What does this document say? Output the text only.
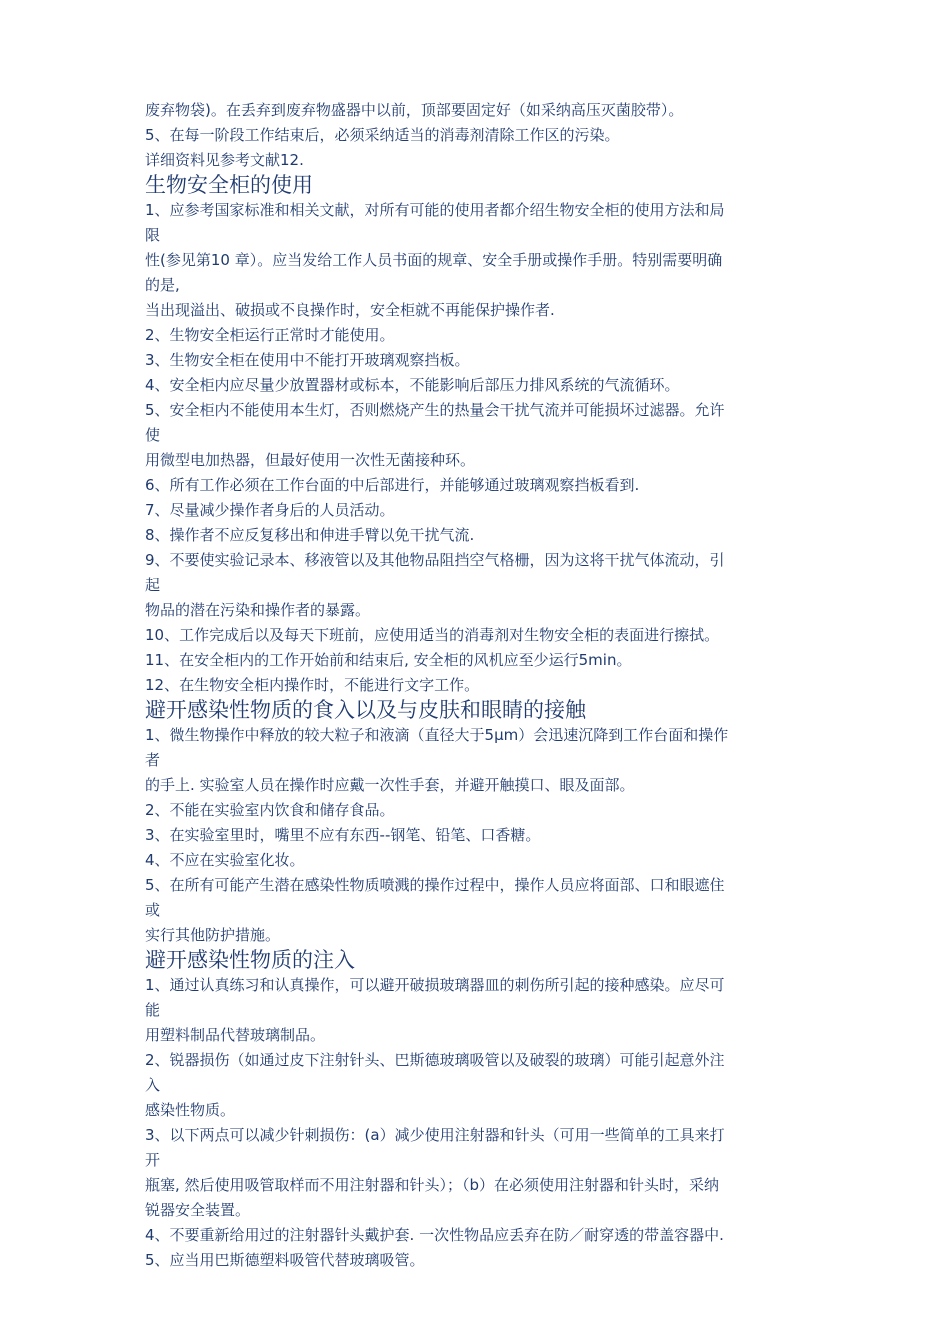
废弃物袋)。在丢弃到废弃物盛器中以前，顶部要固定好（如采纳高压灭菌胶带）。
5、在每一阶段工作结束后，必须采纳适当的消毒剂清除工作区的污染。
详细资料见参考文献12.
生物安全柜的使用
1、应参考国家标准和相关文献，对所有可能的使用者都介绍生物安全柜的使用方法和局
限
性(参见第10 章）。应当发给工作人员书面的规章、安全手册或操作手册。特别需要明确
的是,
当出现溢出、破损或不良操作时，安全柜就不再能保护操作者.
2、生物安全柜运行正常时才能使用。
3、生物安全柜在使用中不能打开玻璃观察挡板。
4、安全柜内应尽量少放置器材或标本，不能影响后部压力排风系统的气流循环。
5、安全柜内不能使用本生灯，否则燃烧产生的热量会干扰气流并可能损坏过滤器。允许
使
用微型电加热器，但最好使用一次性无菌接种环。
6、所有工作必须在工作台面的中后部进行，并能够通过玻璃观察挡板看到.
7、尽量减少操作者身后的人员活动。
8、操作者不应反复移出和伸进手臂以免干扰气流.
9、不要使实验记录本、移液管以及其他物品阻挡空气格栅，因为这将干扰气体流动，引
起
物品的潜在污染和操作者的暴露。
10、工作完成后以及每天下班前，应使用适当的消毒剂对生物安全柜的表面进行擦拭。
11、在安全柜内的工作开始前和结束后, 安全柜的风机应至少运行5min。
12、在生物安全柜内操作时，不能进行文字工作。
避开感染性物质的食入以及与皮肤和眼睛的接触
1、微生物操作中释放的较大粒子和液滴（直径大于5μm）会迅速沉降到工作台面和操作
者
的手上. 实验室人员在操作时应戴一次性手套，并避开触摸口、眼及面部。
2、不能在实验室内饮食和储存食品。
3、在实验室里时，嘴里不应有东西--钢笔、铅笔、口香糖。
4、不应在实验室化妆。
5、在所有可能产生潜在感染性物质喷溅的操作过程中，操作人员应将面部、口和眼遮住
或
实行其他防护措施。
避开感染性物质的注入
1、通过认真练习和认真操作，可以避开破损玻璃器皿的刺伤所引起的接种感染。应尽可
能
用塑料制品代替玻璃制品。
2、锐器损伤（如通过皮下注射针头、巴斯德玻璃吸管以及破裂的玻璃）可能引起意外注
入
感染性物质。
3、以下两点可以减少针刺损伤：(a）减少使用注射器和针头（可用一些简单的工具来打
开
瓶塞, 然后使用吸管取样而不用注射器和针头）；（b）在必须使用注射器和针头时，采纳
锐器安全装置。
4、不要重新给用过的注射器针头戴护套. 一次性物品应丢弃在防／耐穿透的带盖容器中.
5、应当用巴斯德塑料吸管代替玻璃吸管。
